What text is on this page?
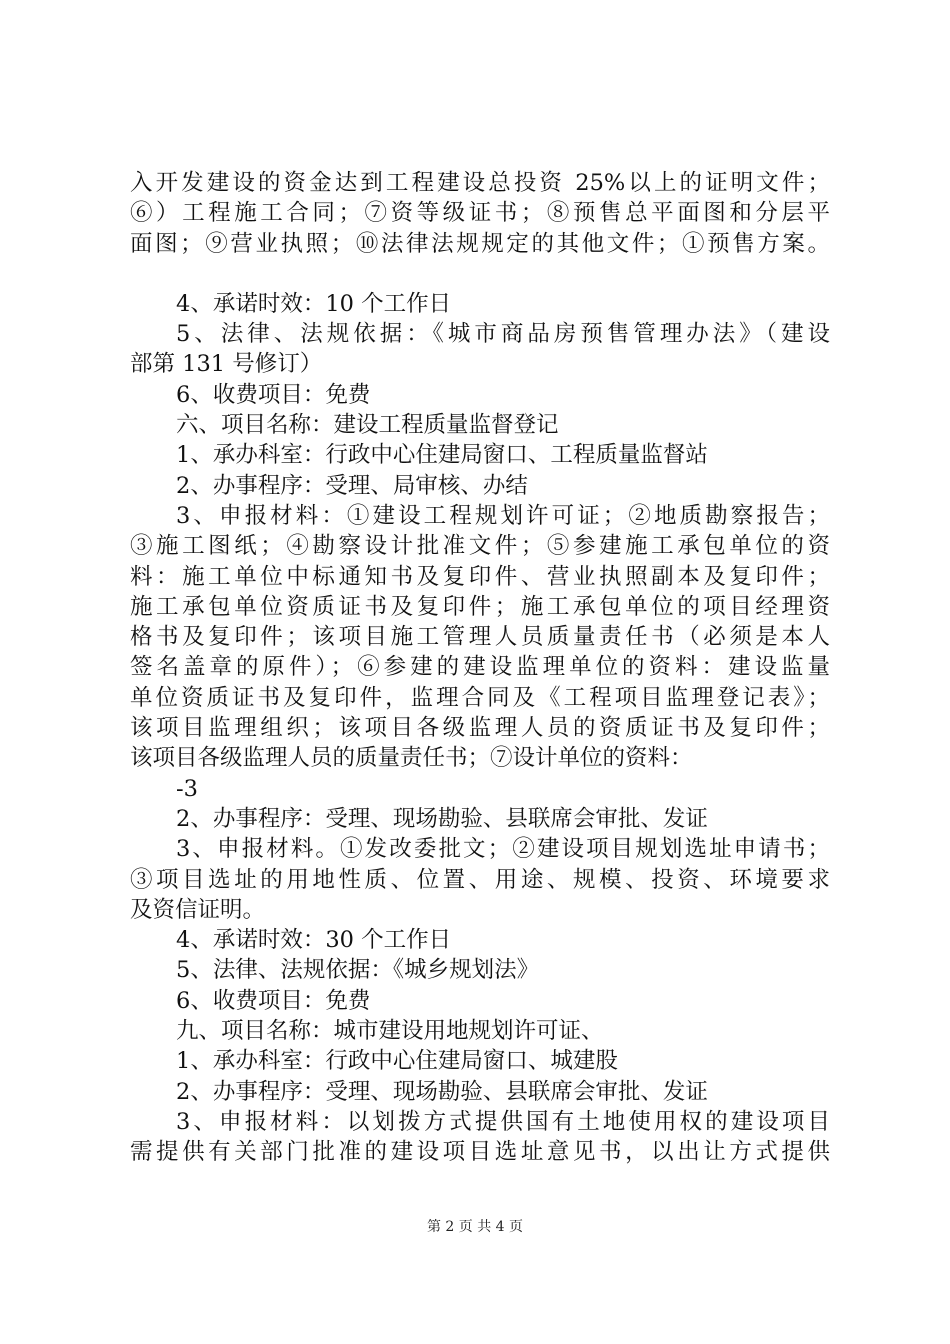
入开发建设的资金达到工程建设总投资 25%以上的证明文件；
⑥）工程施工合同；⑦资等级证书；⑧预售总平面图和分层平
面图；⑨营业执照；⑩法律法规规定的其他文件；①预售方案。
4、承诺时效：10 个工作日
5、法律、法规依据：《城市商品房预售管理办法》（建设
部第 131 号修订）
6、收费项目：免费
六、项目名称：建设工程质量监督登记
1、承办科室：行政中心住建局窗口、工程质量监督站
2、办事程序：受理、局审核、办结
3、申报材料：①建设工程规划许可证；②地质勘察报告；
③施工图纸；④勘察设计批准文件；⑤参建施工承包单位的资
料：施工单位中标通知书及复印件、营业执照副本及复印件；
施工承包单位资质证书及复印件；施工承包单位的项目经理资
格书及复印件；该项目施工管理人员质量责任书（必须是本人
签名盖章的原件）；⑥参建的建设监理单位的资料：建设监量
单位资质证书及复印件，监理合同及《工程项目监理登记表》；
该项目监理组织；该项目各级监理人员的资质证书及复印件；
该项目各级监理人员的质量责任书；⑦设计单位的资料：
-3
2、办事程序：受理、现场勘验、县联席会审批、发证
3、申报材料。①发改委批文；②建设项目规划选址申请书；
③项目选址的用地性质、位置、用途、规模、投资、环境要求
及资信证明。
4、承诺时效：30 个工作日
5、法律、法规依据：《城乡规划法》
6、收费项目：免费
九、项目名称：城市建设用地规划许可证、
1、承办科室：行政中心住建局窗口、城建股
2、办事程序：受理、现场勘验、县联席会审批、发证
3、申报材料：以划拨方式提供国有土地使用权的建设项目
需提供有关部门批准的建设项目选址意见书，以出让方式提供
第 2 页 共 4 页
